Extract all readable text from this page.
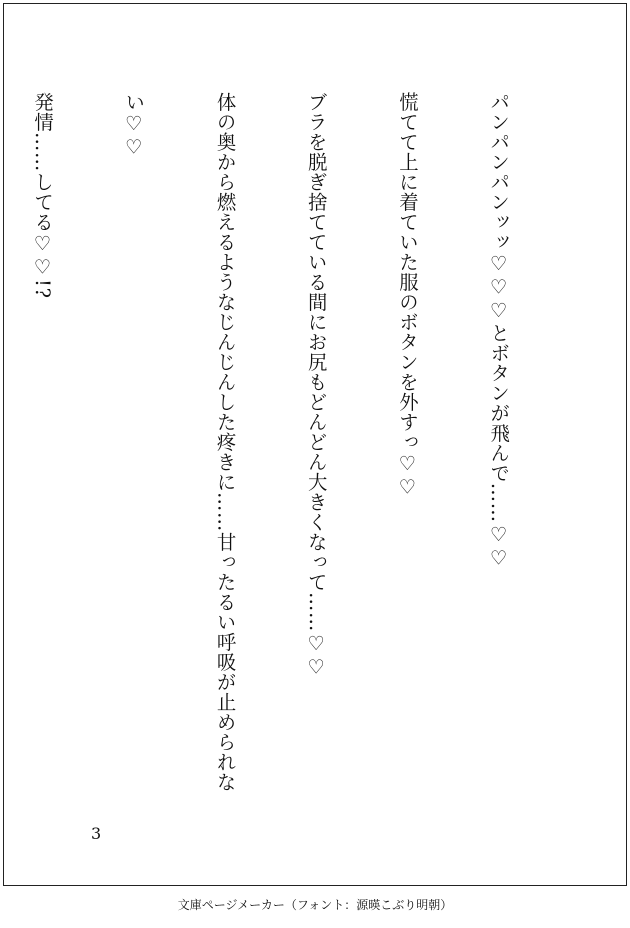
パンパンパンッッ♡♡♡とボタンが飛んで……♡♡

慌てて上に着ていた服のボタンを外すっ♡♡

ブラを脱ぎ捨てている間にお尻もどんどん大きくなって……♡♡

体の奥から燃えるようなじんじんした疼きに……甘ったるい呼吸が止められな

い♡♡

発情……してる♡♡!?

3
文庫ページメーカー（フォント：源暎こぶり明朝）
